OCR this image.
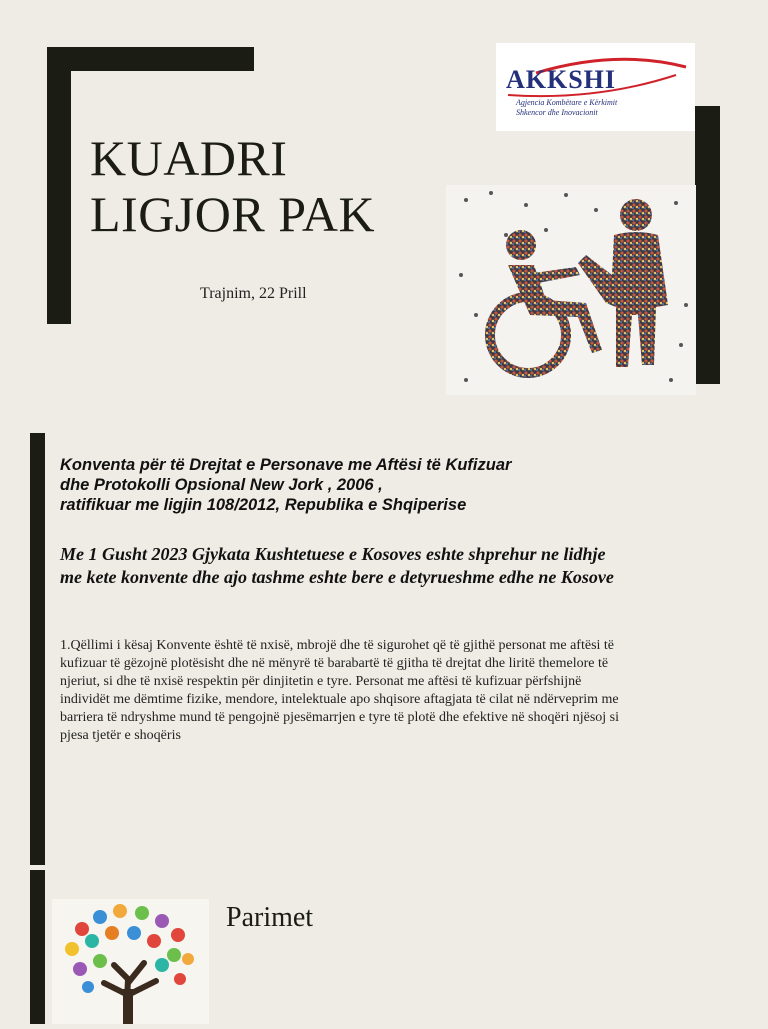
KUADRI
LIGJOR PAK
Trajnim, 22 Prill
AKKSHI
Agjencia Kombëtare e Kërkimit
Shkencor dhe Inovacionit
Konventa për të Drejtat e Personave me Aftësi të Kufizuar
dhe Protokolli Opsional New Jork , 2006 ,
ratifikuar me ligjin 108/2012, Republika e Shqiperise
Me 1 Gusht 2023 Gjykata Kushtetuese e Kosoves eshte shprehur ne lidhje
me kete konvente dhe ajo tashme eshte bere e detyrueshme edhe ne Kosove
1.Qëllimi i kësaj Konvente është të nxisë, mbrojë dhe të sigurohet që të gjithë personat me aftësi të
kufizuar të gëzojnë plotësisht dhe në mënyrë të barabartë të gjitha të drejtat dhe liritë themelore të
njeriut, si dhe të nxisë respektin për dinjitetin e tyre. Personat me aftësi të kufizuar përfshijnë
individët me dëmtime fizike, mendore, intelektuale apo shqisore aftagjata të cilat në ndërveprim me
barriera të ndryshme mund të pengojnë pjesëmarrjen e tyre të plotë dhe efektive në shoqëri njësoj si
pjesa tjetër e shoqëris
Parimet
